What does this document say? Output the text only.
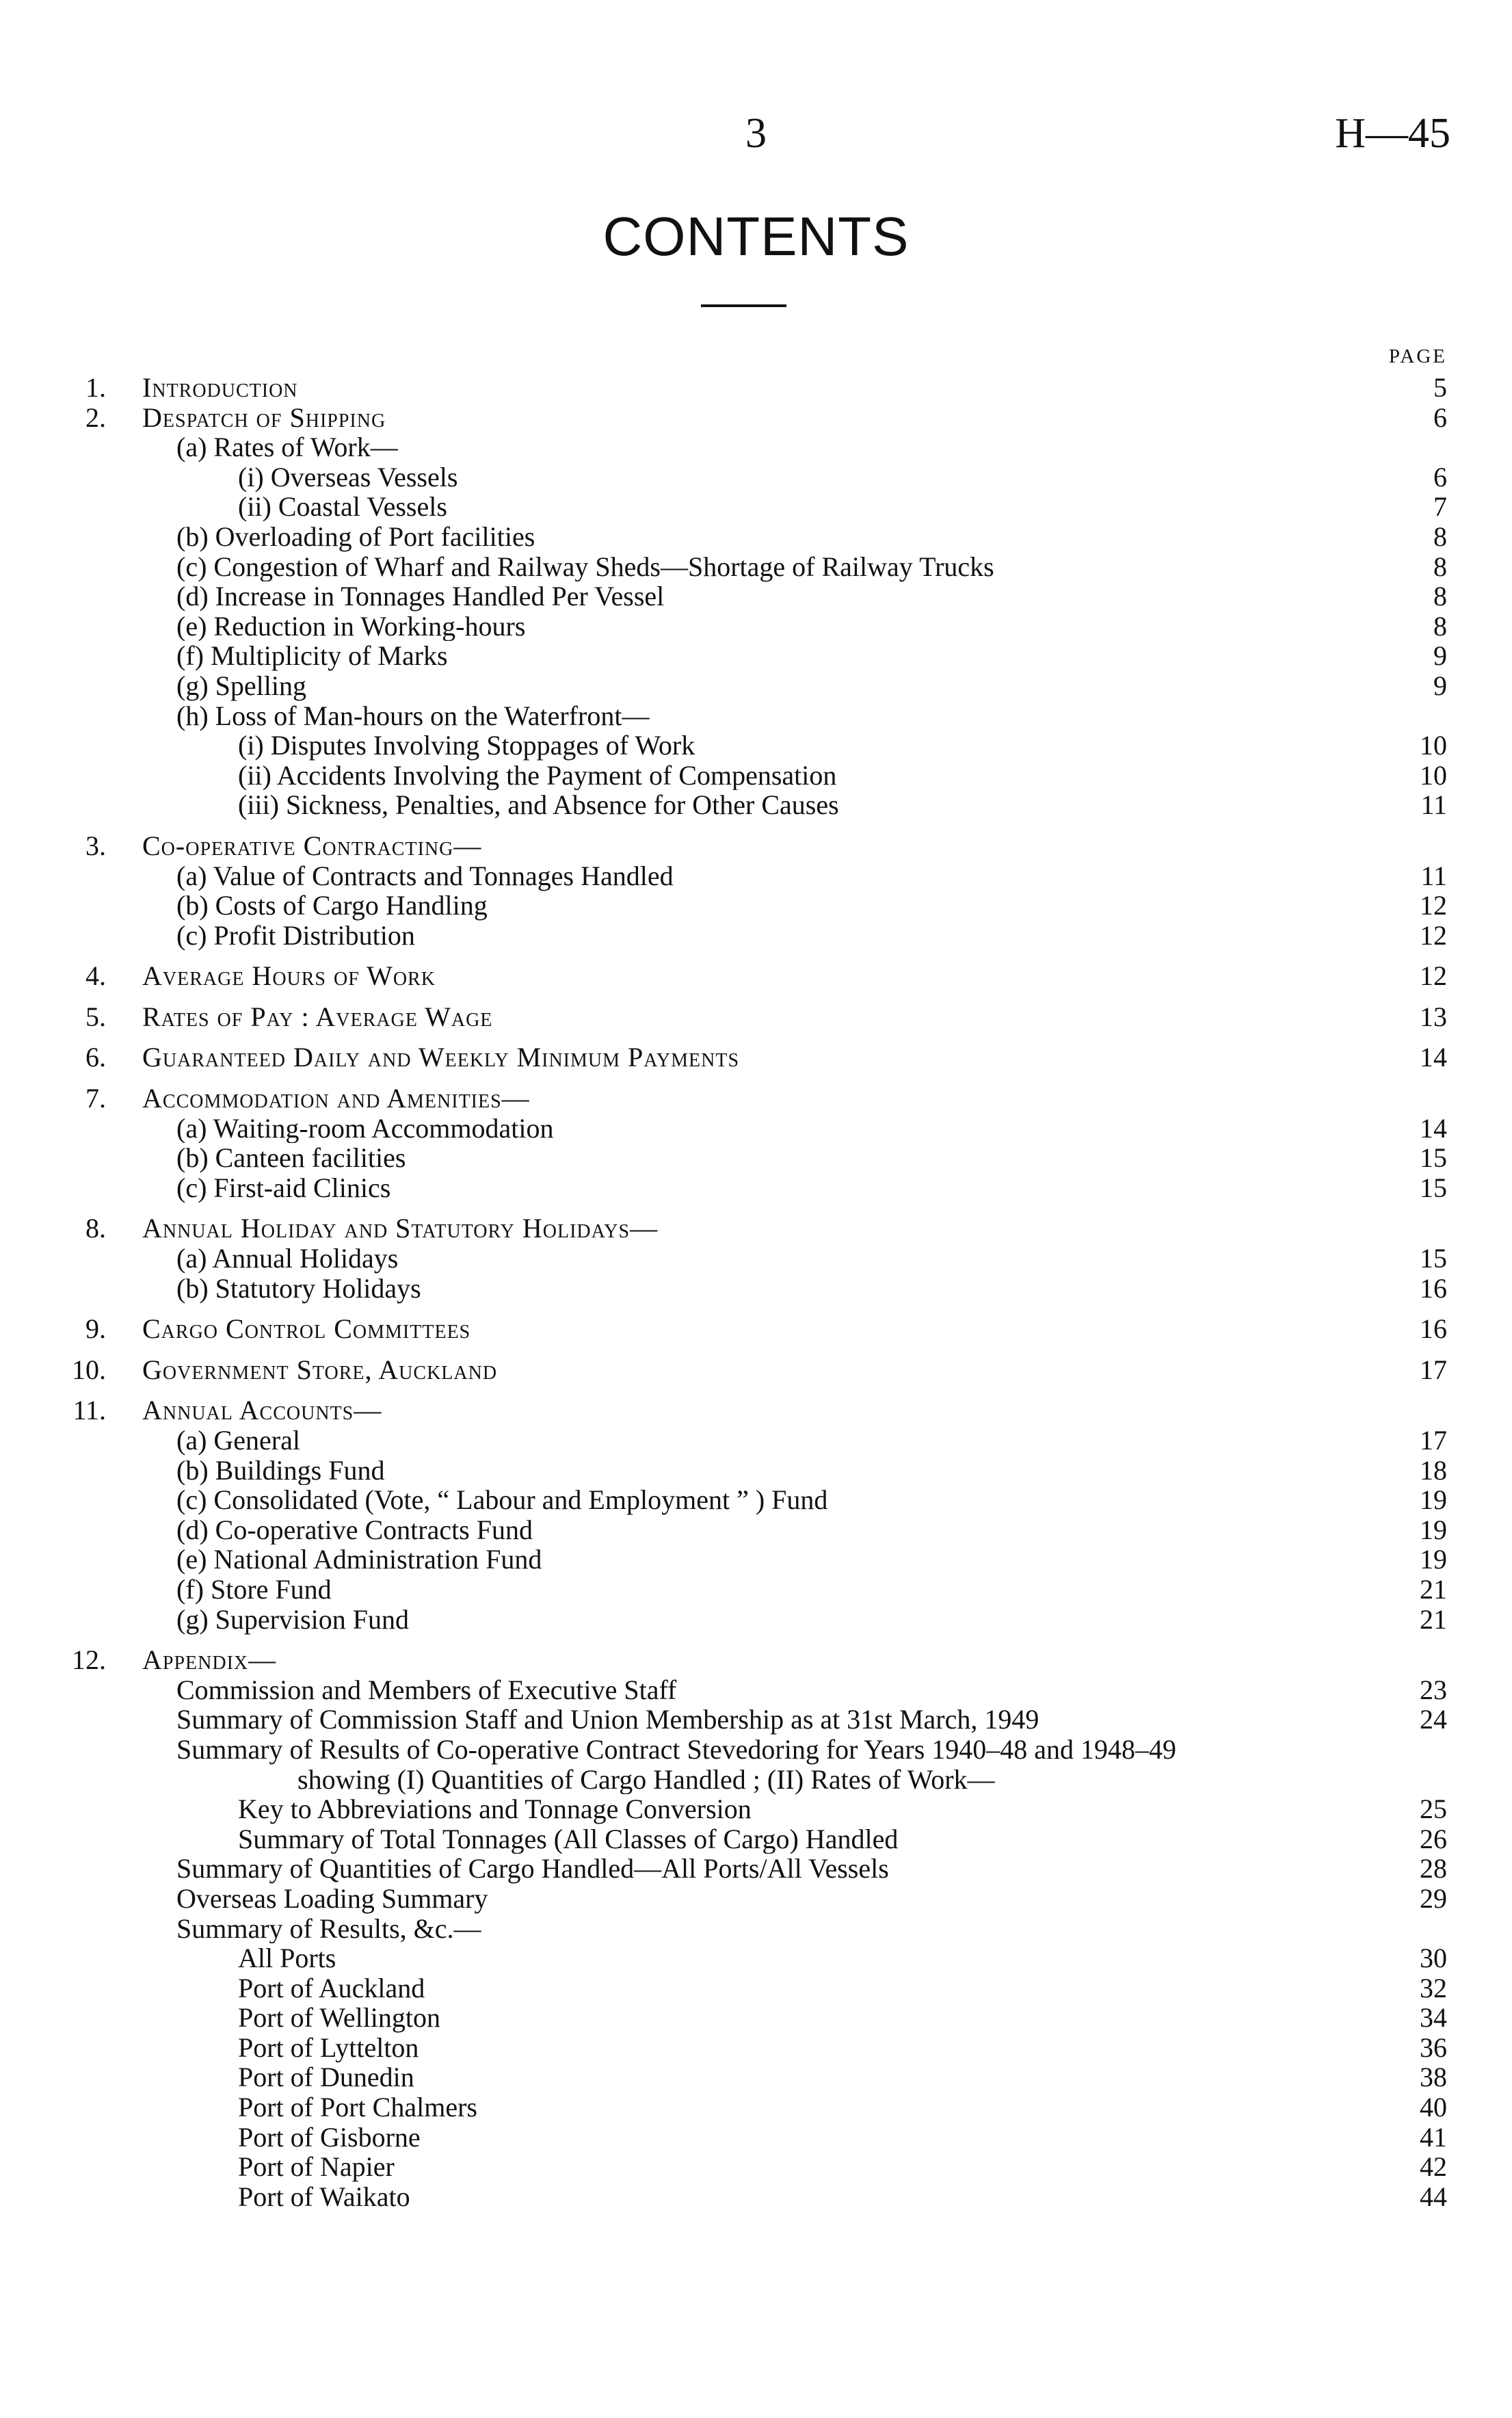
3	H—45
CONTENTS
PAGE
1. Introduction	5
2. Despatch of Shipping	6
(a) Rates of Work—
(i) Overseas Vessels	6
(ii) Coastal Vessels	7
(b) Overloading of Port facilities	8
(c) Congestion of Wharf and Railway Sheds—Shortage of Railway Trucks	8
(d) Increase in Tonnages Handled Per Vessel	8
(e) Reduction in Working-hours	8
(f) Multiplicity of Marks	9
(g) Spelling	9
(h) Loss of Man-hours on the Waterfront—
(i) Disputes Involving Stoppages of Work	10
(ii) Accidents Involving the Payment of Compensation	10
(iii) Sickness, Penalties, and Absence for Other Causes	11
3. Co-operative Contracting—
(a) Value of Contracts and Tonnages Handled	11
(b) Costs of Cargo Handling	12
(c) Profit Distribution	12
4. Average Hours of Work	12
5. Rates of Pay : Average Wage	13
6. Guaranteed Daily and Weekly Minimum Payments	14
7. Accommodation and Amenities—
(a) Waiting-room Accommodation	14
(b) Canteen facilities	15
(c) First-aid Clinics	15
8. Annual Holiday and Statutory Holidays—
(a) Annual Holidays	15
(b) Statutory Holidays	16
9. Cargo Control Committees	16
10. Government Store, Auckland	17
11. Annual Accounts—
(a) General	17
(b) Buildings Fund	18
(c) Consolidated (Vote, “ Labour and Employment ” ) Fund	19
(d) Co-operative Contracts Fund	19
(e) National Administration Fund	19
(f) Store Fund	21
(g) Supervision Fund	21
12. Appendix—
Commission and Members of Executive Staff	23
Summary of Commission Staff and Union Membership as at 31st March, 1949	24
Summary of Results of Co-operative Contract Stevedoring for Years 1940–48 and 1948–49
showing (I) Quantities of Cargo Handled ; (II) Rates of Work—
Key to Abbreviations and Tonnage Conversion	25
Summary of Total Tonnages (All Classes of Cargo) Handled	26
Summary of Quantities of Cargo Handled—All Ports/All Vessels	28
Overseas Loading Summary	29
Summary of Results, &c.—
All Ports	30
Port of Auckland	32
Port of Wellington	34
Port of Lyttelton	36
Port of Dunedin	38
Port of Port Chalmers	40
Port of Gisborne	41
Port of Napier	42
Port of Waikato	44
